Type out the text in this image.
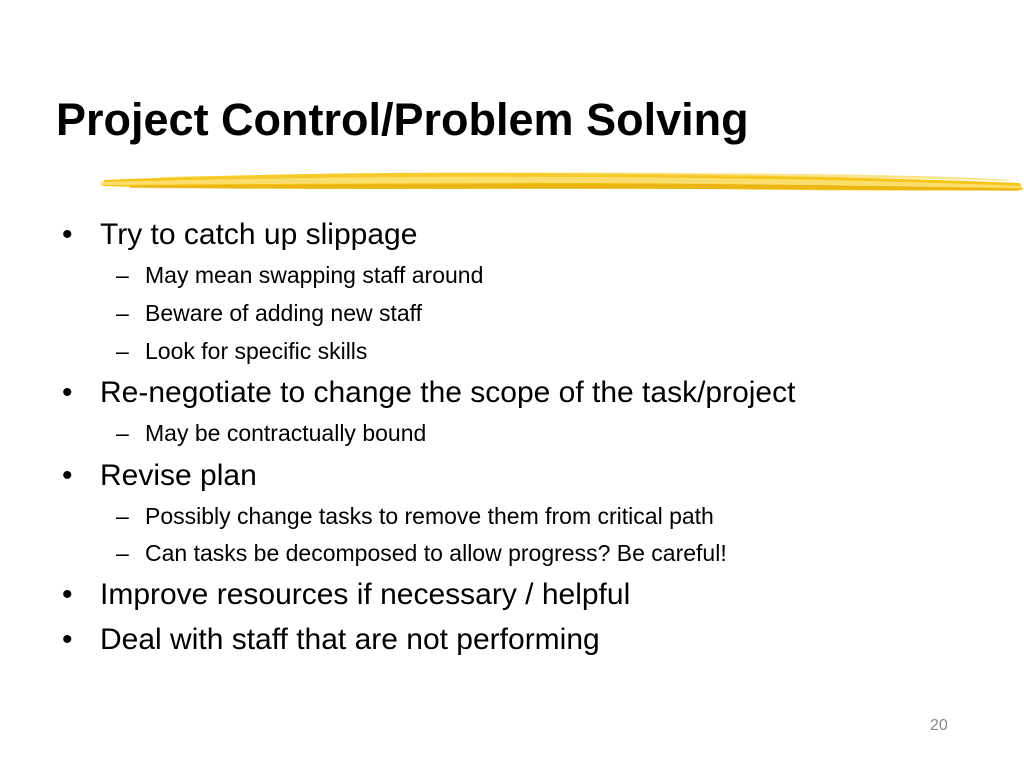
Project Control/Problem Solving
• Try to catch up slippage
– May mean swapping staff around
– Beware of adding new staff
– Look for specific skills
• Re-negotiate to change the scope of the task/project
– May be contractually bound
• Revise plan
– Possibly change tasks to remove them from critical path
– Can tasks be decomposed to allow progress? Be careful!
• Improve resources if necessary / helpful
• Deal with staff that are not performing
20
